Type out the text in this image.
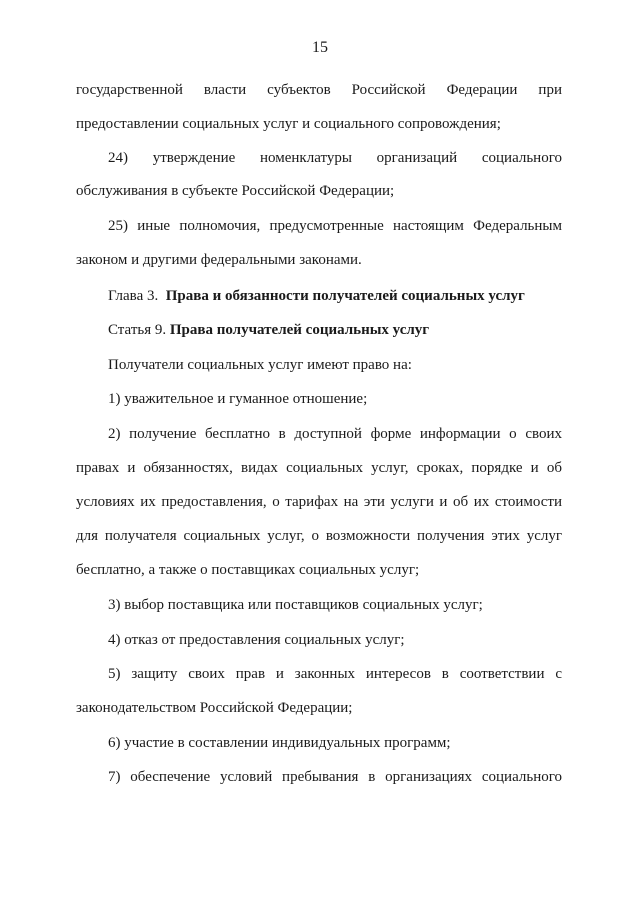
15
государственной власти субъектов Российской Федерации при
предоставлении социальных услуг и социального сопровождения;
24) утверждение номенклатуры организаций социального
обслуживания в субъекте Российской Федерации;
25) иные полномочия, предусмотренные настоящим Федеральным
законом и другими федеральными законами.
Глава 3. Права и обязанности получателей социальных услуг
Статья 9. Права получателей социальных услуг
Получатели социальных услуг имеют право на:
1) уважительное и гуманное отношение;
2) получение бесплатно в доступной форме информации о своих
правах и обязанностях, видах социальных услуг, сроках, порядке и об
условиях их предоставления, о тарифах на эти услуги и об их стоимости
для получателя социальных услуг, о возможности получения этих услуг
бесплатно, а также о поставщиках социальных услуг;
3) выбор поставщика или поставщиков социальных услуг;
4) отказ от предоставления социальных услуг;
5) защиту своих прав и законных интересов в соответствии с
законодательством Российской Федерации;
6) участие в составлении индивидуальных программ;
7) обеспечение условий пребывания в организациях социального
